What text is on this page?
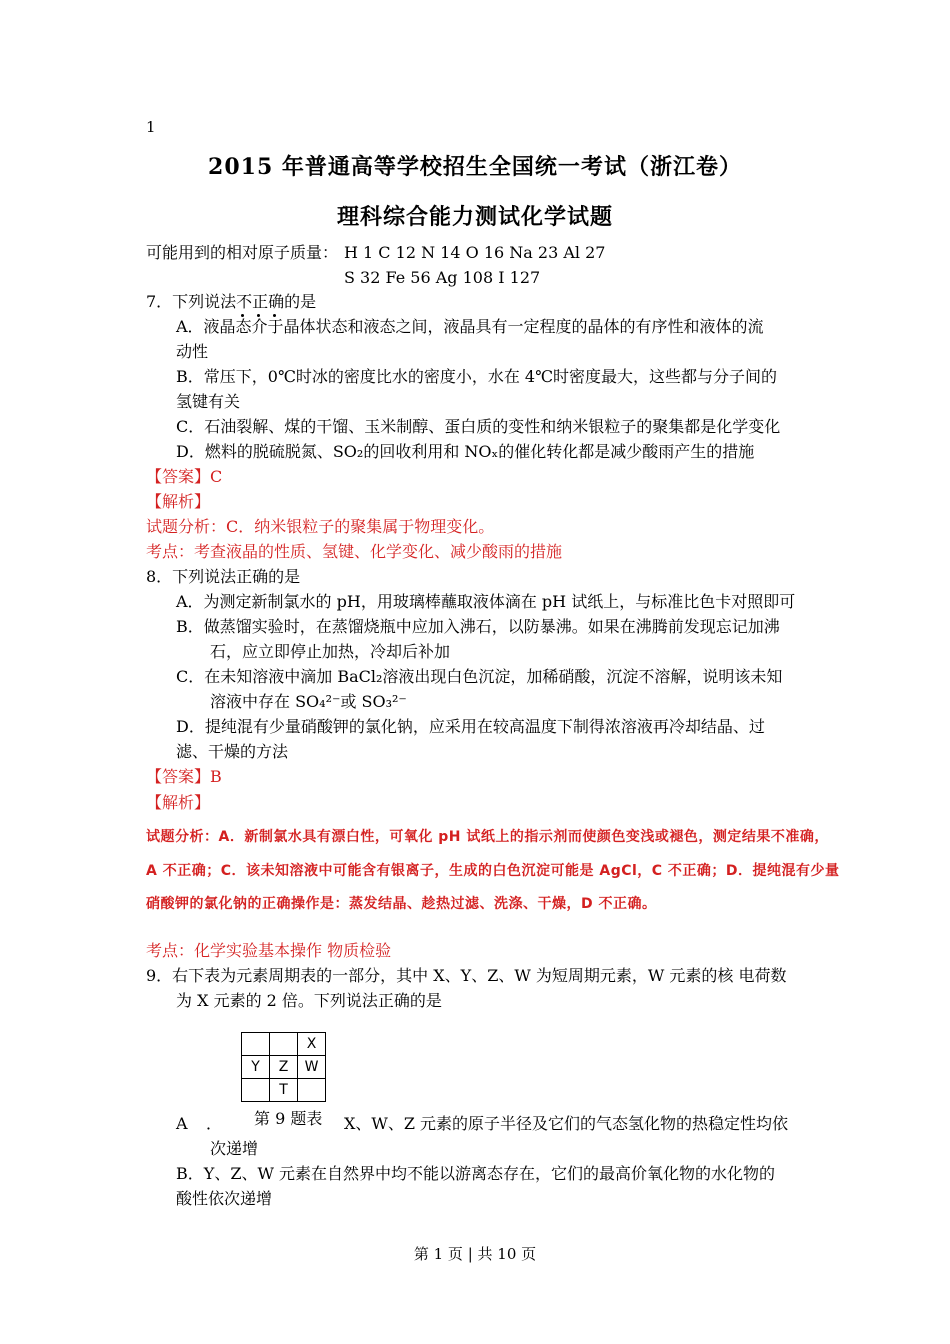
1
2015 年普通高等学校招生全国统一考试（浙江卷）
理科综合能力测试化学试题
可能用到的相对原子质量： H 1 C 12 N 14 O 16 Na 23 Al 27
S 32 Fe 56 Ag 108 I 127
7．下列说法不正确的是
A．液晶态介于晶体状态和液态之间，液晶具有一定程度的晶体的有序性和液体的流
动性
B．常压下，0℃时冰的密度比水的密度小，水在 4℃时密度最大，这些都与分子间的
氢键有关
C．石油裂解、煤的干馏、玉米制醇、蛋白质的变性和纳米银粒子的聚集都是化学变化
D．燃料的脱硫脱氮、SO₂的回收利用和 NOₓ的催化转化都是减少酸雨产生的措施
【答案】C
【解析】
试题分析：C．纳米银粒子的聚集属于物理变化。
考点：考查液晶的性质、氢键、化学变化、减少酸雨的措施
8．下列说法正确的是
A．为测定新制氯水的 pH，用玻璃棒蘸取液体滴在 pH 试纸上，与标准比色卡对照即可
B．做蒸馏实验时，在蒸馏烧瓶中应加入沸石，以防暴沸。如果在沸腾前发现忘记加沸
石，应立即停止加热，冷却后补加
C．在未知溶液中滴加 BaCl₂溶液出现白色沉淀，加稀硝酸，沉淀不溶解，说明该未知
溶液中存在 SO₄²⁻或 SO₃²⁻
D．提纯混有少量硝酸钾的氯化钠，应采用在较高温度下制得浓溶液再冷却结晶、过
滤、干燥的方法
【答案】B
【解析】
试题分析：A．新制氯水具有漂白性，可氧化 pH 试纸上的指示剂而使颜色变浅或褪色，测定结果不准确，
A 不正确；C．该未知溶液中可能含有银离子，生成的白色沉淀可能是 AgCl，C 不正确；D．提纯混有少量
硝酸钾的氯化钠的正确操作是：蒸发结晶、趁热过滤、洗涤、干燥，D 不正确。
考点：化学实验基本操作 物质检验
9．右下表为元素周期表的一部分，其中 X、Y、Z、W 为短周期元素，W 元素的核 电荷数
为 X 元素的 2 倍。下列说法正确的是
		X
Y	Z	W
	T	
A ． 第 9 题表 X、W、Z 元素的原子半径及它们的气态氢化物的热稳定性均依
次递增
B．Y、Z、W 元素在自然界中均不能以游离态存在，它们的最高价氧化物的水化物的
酸性依次递增
第 1 页 | 共 10 页
